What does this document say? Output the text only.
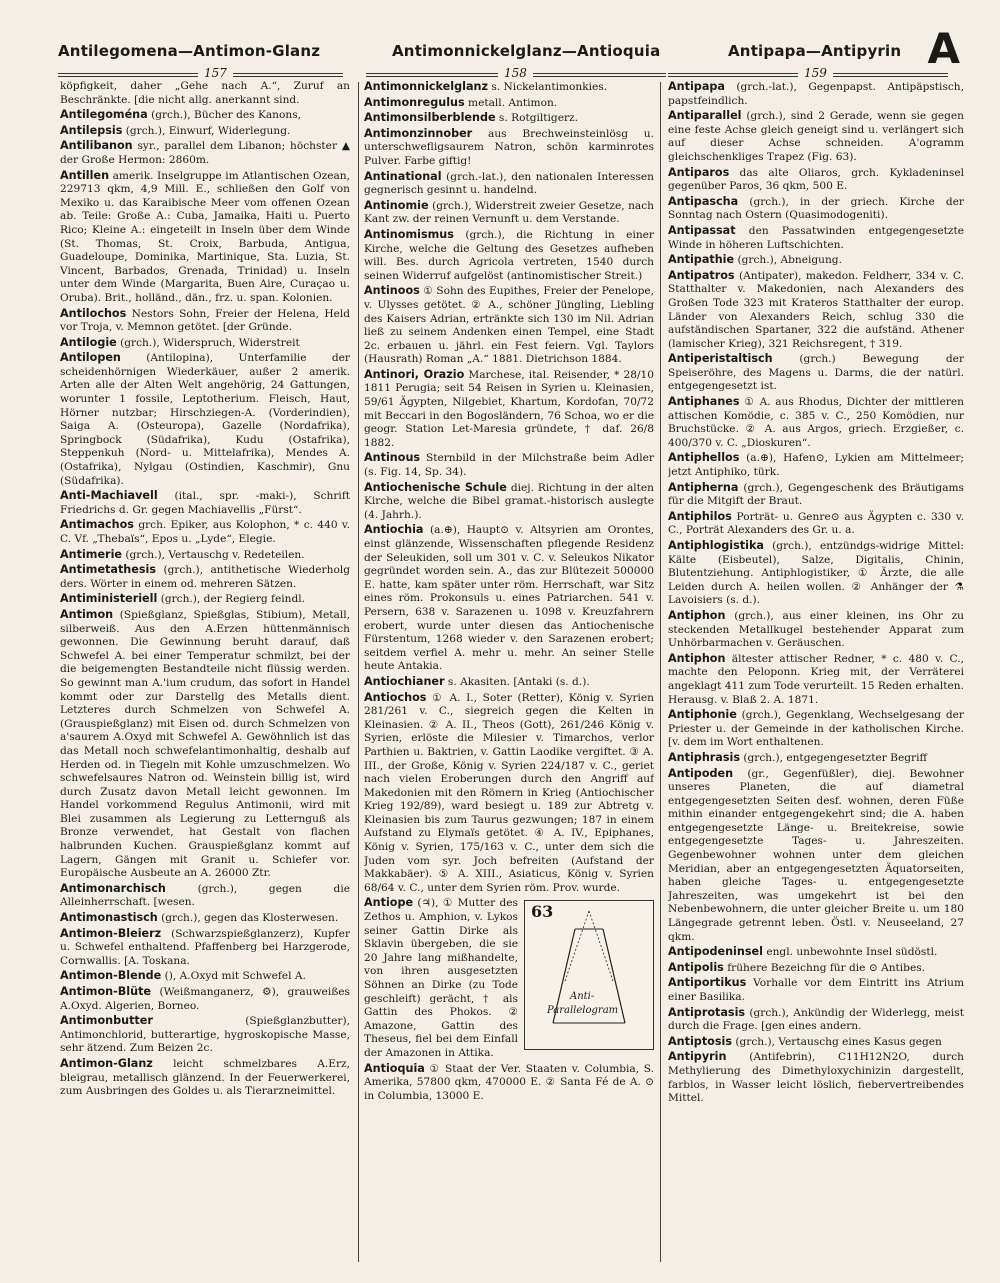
Antilegomena—Antimon-Glanz	Antimonnickelglanz—Antioquia	Antipapa—Antipyrin A
157	158	159

köpfigkeit, daher „Gehe nach A.“, Zuruf an Beschränkte. [die nicht allg. anerkannt sind.

Antilegoména (grch.), Bücher des Kanons,

Antilepsis (grch.), Einwurf, Widerlegung.

Antilibanon syr., parallel dem Libanon; höchster ▲ der Große Hermon: 2860m.

Antillen amerik. Inselgruppe im Atlantischen Ozean, 229713 qkm, 4,9 Mill. E., schließen den Golf von Mexiko u. das Karaibische Meer vom offenen Ozean ab. Teile: Große A.: Cuba, Jamaika, Haiti u. Puerto Rico; Kleine A.: eingeteilt in Inseln über dem Winde (St. Thomas, St. Croix, Barbuda, Antigua, Guadeloupe, Dominika, Martinique, Sta. Luzia, St. Vincent, Barbados, Grenada, Trinidad) u. Inseln unter dem Winde (Margarita, Buen Aire, Curaçao u. Oruba). Brit., holländ., dän., frz. u. span. Kolonien.

Antilochos Nestors Sohn, Freier der Helena, Held vor Troja, v. Memnon getötet. [der Gründe.

Antilogie (grch.), Widerspruch, Widerstreit

Antilopen (Antilopina), Unterfamilie der scheidenhörnigen Wiederkäuer, außer 2 amerik. Arten alle der Alten Welt angehörig, 24 Gattungen, worunter 1 fossile, Leptotherium. Fleisch, Haut, Hörner nutzbar; Hirschziegen-A. (Vorderindien), Saiga A. (Osteuropa), Gazelle (Nordafrika), Springbock (Südafrika), Kudu (Ostafrika), Steppenkuh (Nord- u. Mittelafrika), Mendes A. (Ostafrika), Nylgau (Ostindien, Kaschmir), Gnu (Südafrika).

Anti-Machiavell (ital., spr. -maki-), Schrift Friedrichs d. Gr. gegen Machiavellis „Fürst“.

Antimachos grch. Epiker, aus Kolophon, * c. 440 v. C. Vf. „Thebaïs“, Epos u. „Lyde“, Elegie.

Antimerie (grch.), Vertauschg v. Redeteilen.

Antimetathesis (grch.), antithetische Wiederholg ders. Wörter in einem od. mehreren Sätzen.

Antiministeriell (grch.), der Regierg feindl.

Antimon (Spießglanz, Spießglas, Stibium), Metall, silberweiß. Aus den A.Erzen hüttenmännisch gewonnen. Die Gewinnung beruht darauf, daß Schwefel A. bei einer Temperatur schmilzt, bei der die beigemengten Bestandteile nicht flüssig werden. So gewinnt man A.'ium crudum, das sofort in Handel kommt oder zur Darstellg des Metalls dient. Letzteres durch Schmelzen von Schwefel A. (Grauspießglanz) mit Eisen od. durch Schmelzen von a'saurem A.Oxyd mit Schwefel A. Gewöhnlich ist das das Metall noch schwefelantimonhaltig, deshalb auf Herden od. in Tiegeln mit Kohle umzuschmelzen. Wo schwefelsaures Natron od. Weinstein billig ist, wird durch Zusatz davon Metall leicht gewonnen. Im Handel vorkommend Regulus Antimonii, wird mit Blei zusammen als Legierung zu Letternguß als Bronze verwendet, hat Gestalt von flachen halbrunden Kuchen. Grauspießglanz kommt auf Lagern, Gängen mit Granit u. Schiefer vor. Europäische Ausbeute an A. 26000 Ztr.

Antimonarchisch	(grch.), gegen die Alleinherrschaft. [wesen.

Antimonastisch (grch.), gegen das Klosterwesen.

Antimon-Bleierz (Schwarzspießglanzerz), Kupfer u. Schwefel enthaltend. Pfaffenberg bei Harzgerode, Cornwallis. [A. Toskana.

Antimon-Blende (), A.Oxyd mit Schwefel A.

Antimon-Blüte (Weißmanganerz, ⚙), grauweißes A.Oxyd. Algerien, Borneo.

Antimonbutter	(Spießglanzbutter), Antimonchlorid, butterartige, hygroskopische Masse, sehr ätzend. Zum Beizen 2c.

Antimon-Glanz leicht schmelzbares A.Erz, bleigrau, metallisch glänzend. In der Feuerwerkerei, zum Ausbringen des Goldes u. als Tierarzneimittel.

Antimonnickelglanz s. Nickelantimonkies.

Antimonregulus metall. Antimon.

Antimonsilberblende s. Rotgiltigerz.

Antimonzinnober aus Brechweinsteinlösg u. unterschwefligsaurem Natron, schön karminrotes Pulver. Farbe giftig!

Antinational (grch.-lat.), den nationalen Interessen gegnerisch gesinnt u. handelnd.

Antinomie (grch.), Widerstreit zweier Gesetze, nach Kant zw. der reinen Vernunft u. dem Verstande.

Antinomismus (grch.), die Richtung in einer Kirche, welche die Geltung des Gesetzes aufheben will. Bes. durch Agricola vertreten, 1540 durch seinen Widerruf aufgelöst (antinomistischer Streit.)

Antinoos ① Sohn des Eupithes, Freier der Penelope, v. Ulysses getötet. ② A., schöner Jüngling, Liebling des Kaisers Adrian, ertränkte sich 130 im Nil. Adrian ließ zu seinem Andenken einen Tempel, eine Stadt 2c. erbauen u. jährl. ein Fest feiern. Vgl. Taylors (Hausrath) Roman „A.“ 1881. Dietrichson 1884.

Antinori, Orazio Marchese, ital. Reisender, * 28/10 1811 Perugia; seit 54 Reisen in Syrien u. Kleinasien, 59/61 Ägypten, Nilgebiet, Khartum, Kordofan, 70/72 mit Beccari in den Bogosländern, 76 Schoa, wo er die geogr. Station Let-Maresia gründete, † daf. 26/8 1882.

Antinous Sternbild in der Milchstraße beim Adler (s. Fig. 14, Sp. 34).

Antiochenische Schule diej. Richtung in der alten Kirche, welche die Bibel gramat.-historisch auslegte (4. Jahrh.).

Antiochia (a.⊕), Haupt⊙ v. Altsyrien am Orontes, einst glänzende, Wissenschaften pflegende Residenz der Seleukiden, soll um 301 v. C. v. Seleukos Nikator gegründet worden sein. A., das zur Blütezeit 500000 E. hatte, kam später unter röm. Herrschaft, war Sitz eines röm. Prokonsuls u. eines Patriarchen. 541 v. Persern, 638 v. Sarazenen u. 1098 v. Kreuzfahrern erobert, wurde unter diesen das Antiochenische Fürstentum, 1268 wieder v. den Sarazenen erobert; seitdem verfiel A. mehr u. mehr. An seiner Stelle heute Antakia.

Antiochianer s. Akasiten. [Antaki (s. d.).

Antiochos ① A. I., Soter (Retter), König v. Syrien 281/261 v. C., siegreich gegen die Kelten in Kleinasien. ② A. II., Theos (Gott), 261/246 König v. Syrien, erlöste die Milesier v. Timarchos, verlor Parthien u. Baktrien, v. Gattin Laodike vergiftet. ③ A. III., der Große, König v. Syrien 224/187 v. C., geriet nach vielen Eroberungen durch den Angriff auf Makedonien mit den Römern in Krieg (Antiochischer Krieg 192/89), ward besiegt u. 189 zur Abtretg v. Kleinasien bis zum Taurus gezwungen; 187 in einem Aufstand zu Elymaïs getötet. ④ A. IV., Epiphanes, König v. Syrien, 175/163 v. C., unter dem sich die Juden vom syr. Joch befreiten (Aufstand der Makkabäer). ⑤ A. XIII., Asiaticus, König v. Syrien 68/64 v. C., unter dem Syrien röm. Prov. wurde.

63
Anti-
Parallelogram

Antiope (♃), ① Mutter des Zethos u. Amphion, v. Lykos seiner Gattin Dirke als Sklavin übergeben, die sie 20 Jahre lang mißhandelte, von ihren ausgesetzten Söhnen an Dirke (zu Tode geschleift) gerächt, † als Gattin des Phokos. ② Amazone, Gattin des Theseus, fiel bei dem Einfall der Amazonen in Attika.

Antioquia ① Staat der Ver. Staaten v. Columbia, S. Amerika, 57800 qkm, 470000 E. ② Santa Fé de A. ⊙ in Columbia, 13000 E.

Antipapa (grch.-lat.), Gegenpapst. Antipäpstisch, papstfeindlich.

Antiparallel (grch.), sind 2 Gerade, wenn sie gegen eine feste Achse gleich geneigt sind u. verlängert sich auf dieser Achse schneiden. A'ogramm gleichschenkliges Trapez (Fig. 63).

Antiparos das alte Oliaros, grch. Kykladeninsel gegenüber Paros, 36 qkm, 500 E.

Antipascha (grch.), in der griech. Kirche der Sonntag nach Ostern (Quasimodogeniti).

Antipassat den Passatwinden entgegengesetzte Winde in höheren Luftschichten.

Antipathie (grch.), Abneigung.

Antipatros (Antipater), makedon. Feldherr, 334 v. C. Statthalter v. Makedonien, nach Alexanders des Großen Tode 323 mit Krateros Statthalter der europ. Länder von Alexanders Reich, schlug 330 die aufständischen Spartaner, 322 die aufständ. Athener (lamischer Krieg), 321 Reichsregent, † 319.

Antiperistaltisch	(grch.) Bewegung der Speiseröhre, des Magens u. Darms, die der natürl. entgegengesetzt ist.

Antiphanes ① A. aus Rhodus, Dichter der mittleren attischen Komödie, c. 385 v. C., 250 Komödien, nur Bruchstücke. ② A. aus Argos, griech. Erzgießer, c. 400/370 v. C. „Dioskuren“.

Antiphellos (a.⊕), Hafen⊙, Lykien am Mittelmeer; jetzt Antiphiko, türk.

Antipherna (grch.), Gegengeschenk des Bräutigams für die Mitgift der Braut.

Antiphilos Porträt- u. Genre⊙ aus Ägypten c. 330 v. C., Porträt Alexanders des Gr. u. a.

Antiphlogistika (grch.), entzündgs-widrige Mittel: Kälte (Eisbeutel), Salze, Digitalis, Chinin, Blutentziehung. Antiphlogistiker, ① Ärzte, die alle Leiden durch A. heilen wollen. ② Anhänger der ⚗ Lavoisiers (s. d.).

Antiphon (grch.), aus einer kleinen, ins Ohr zu steckenden Metallkugel bestehender Apparat zum Unhörbarmachen v. Geräuschen.

Antiphon ältester attischer Redner, * c. 480 v. C., machte den Peloponn. Krieg mit, der Verräterei angeklagt 411 zum Tode verurteilt. 15 Reden erhalten. Herausg. v. Blaß 2. A. 1871.

Antiphonie (grch.), Gegenklang, Wechselgesang der Priester u. der Gemeinde in der katholischen Kirche. [v. dem im Wort enthaltenen.

Antiphrasis (grch.), entgegengesetzter Begriff

Antipoden (gr., Gegenfüßler), diej. Bewohner unseres Planeten, die auf diametral entgegengesetzten Seiten desf. wohnen, deren Füße mithin einander entgegengekehrt sind; die A. haben entgegengesetzte Länge- u. Breitekreise, sowie entgegengesetzte Tages- u. Jahreszeiten. Gegenbewohner wohnen unter dem gleichen Meridian, aber an entgegengesetzten Äquatorseiten, haben gleiche Tages- u. entgegengesetzte Jahreszeiten, was umgekehrt ist bei den Nebenbewohnern, die unter gleicher Breite u. um 180 Längegrade getrennt leben. Östl. v. Neuseeland, 27 qkm.

Antipodeninsel engl. unbewohnte Insel südöstl.

Antipolis frühere Bezeichng für die ⊙ Antibes.

Antiportikus Vorhalle vor dem Eintritt ins Atrium einer Basilika.

Antiprotasis (grch.), Ankündig der Widerlegg, meist durch die Frage. [gen eines andern.

Antiptosis (grch.), Vertauschg eines Kasus gegen

Antipyrin (Antifebrin), C11H12N2O, durch Methylierung des Dimethyloxychinizin dargestellt, farblos, in Wasser leicht löslich, fiebervertreibendes Mittel.
